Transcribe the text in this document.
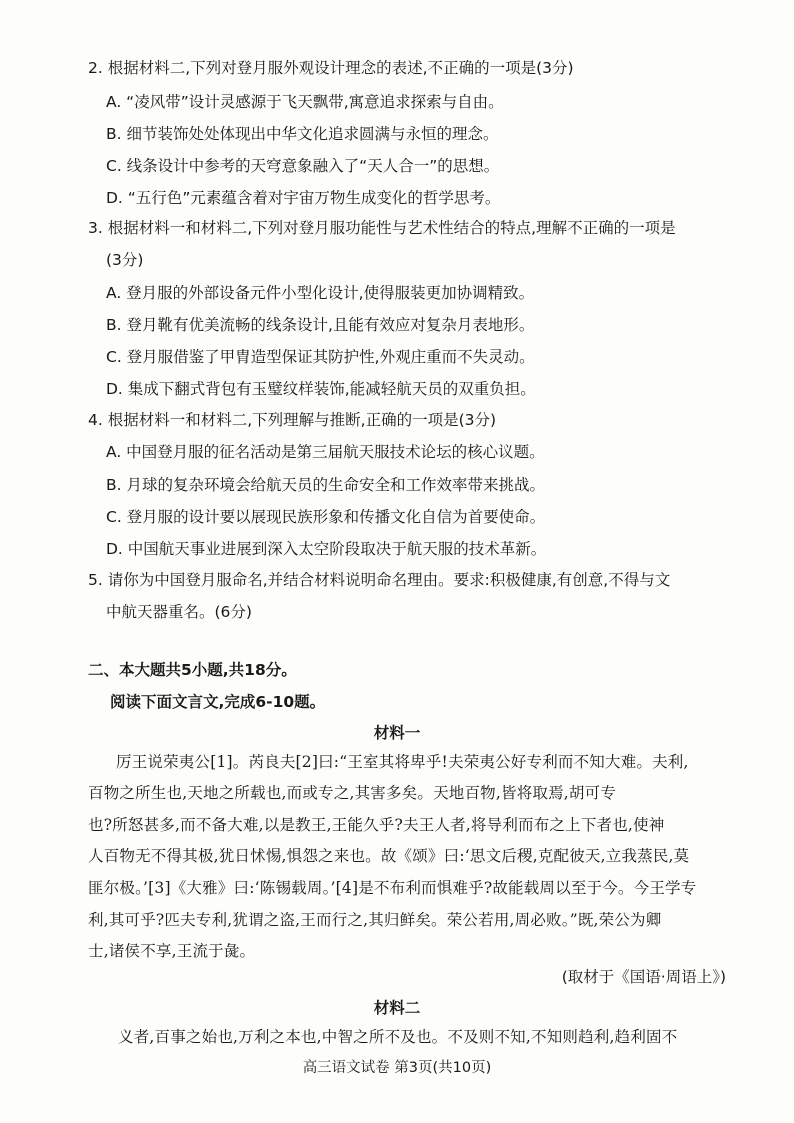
2. 根据材料二,下列对登月服外观设计理念的表述,不正确的一项是(3分)
A. “凌风带”设计灵感源于飞天飘带,寓意追求探索与自由。
B. 细节装饰处处体现出中华文化追求圆满与永恒的理念。
C. 线条设计中参考的天穹意象融入了“天人合一”的思想。
D. “五行色”元素蕴含着对宇宙万物生成变化的哲学思考。
3. 根据材料一和材料二,下列对登月服功能性与艺术性结合的特点,理解不正确的一项是
(3分)
A. 登月服的外部设备元件小型化设计,使得服装更加协调精致。
B. 登月靴有优美流畅的线条设计,且能有效应对复杂月表地形。
C. 登月服借鉴了甲胄造型保证其防护性,外观庄重而不失灵动。
D. 集成下翻式背包有玉璧纹样装饰,能减轻航天员的双重负担。
4. 根据材料一和材料二,下列理解与推断,正确的一项是(3分)
A. 中国登月服的征名活动是第三届航天服技术论坛的核心议题。
B. 月球的复杂环境会给航天员的生命安全和工作效率带来挑战。
C. 登月服的设计要以展现民族形象和传播文化自信为首要使命。
D. 中国航天事业进展到深入太空阶段取决于航天服的技术革新。
5. 请你为中国登月服命名,并结合材料说明命名理由。要求:积极健康,有创意,不得与文
中航天器重名。(6分)
二、本大题共5小题,共18分。
阅读下面文言文,完成6-10题。
材料一
厉王说荣夷公[1]。芮良夫[2]曰:“王室其将卑乎!夫荣夷公好专利而不知大难。夫利,
百物之所生也,天地之所载也,而或专之,其害多矣。天地百物,皆将取焉,胡可专
也?所怒甚多,而不备大难,以是教王,王能久乎?夫王人者,将导利而布之上下者也,使神
人百物无不得其极,犹日怵惕,惧怨之来也。故《颂》曰:‘思文后稷,克配彼天,立我蒸民,莫
匪尔极。’[3]《大雅》曰:‘陈锡载周。’[4]是不布利而惧难乎?故能载周以至于今。今王学专
利,其可乎?匹夫专利,犹谓之盗,王而行之,其归鲜矣。荣公若用,周必败。”既,荣公为卿
士,诸侯不享,王流于彘。
(取材于《国语·周语上》)
材料二
义者,百事之始也,万利之本也,中智之所不及也。不及则不知,不知则趋利,趋利固不
高三语文试卷 第3页(共10页)
